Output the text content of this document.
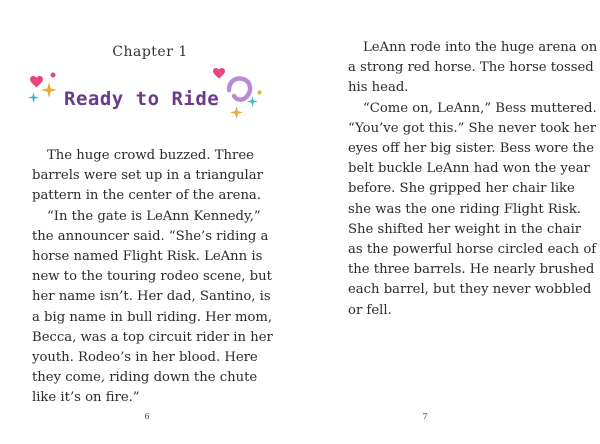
Chapter 1
Ready to Ride

The huge crowd buzzed. Three barrels were set up in a triangular pattern in the center of the arena.

“In the gate is LeAnn Kennedy,” the announcer said. “She’s riding a horse named Flight Risk. LeAnn is new to the touring rodeo scene, but her name isn’t. Her dad, Santino, is a big name in bull riding. Her mom, Becca, was a top circuit rider in her youth. Rodeo’s in her blood. Here they come, riding down the chute like it’s on fire.”

6

LeAnn rode into the huge arena on a strong red horse. The horse tossed his head.

“Come on, LeAnn,” Bess muttered. “You’ve got this.” She never took her eyes off her big sister. Bess wore the belt buckle LeAnn had won the year before. She gripped her chair like she was the one riding Flight Risk. She shifted her weight in the chair as the powerful horse circled each of the three barrels. He nearly brushed each barrel, but they never wobbled or fell.

7
